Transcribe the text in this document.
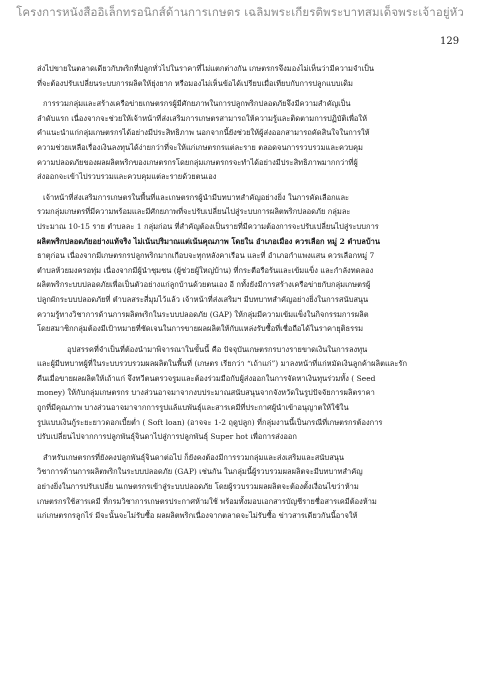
โครงการหนังสืออิเล็กทรอนิกส์ด้านการเกษตร เฉลิมพระเกียรติพระบาทสมเด็จพระเจ้าอยู่หัว
129
ส่งไปขายในตลาดเดียวกับพริกที่ปลูกทั่วไปในราคาที่ไม่แตกต่างกัน เกษตรกรจึงมองไม่เห็นว่ามีความจำเป็น
ที่จะต้องปรับเปลี่ยนระบบการผลิตให้ยุ่งยาก หรือมองไม่เห็นข้อได้เปรียบเมื่อเทียบกับการปลูกแบบเดิม
การรวมกลุ่มและสร้างเครือข่ายเกษตรกรผู้มีศักยภาพในการปลูกพริกปลอดภัยจึงมีความสำคัญเป็น
ลำดับแรก เนื่องจากจะช่วยให้เจ้าหน้าที่ส่งเสริมการเกษตรสามารถให้ความรู้และติดตามการปฏิบัติเพื่อให้
คำแนะนำแก่กลุ่มเกษตรกรได้อย่างมีประสิทธิภาพ นอกจากนี้ยังช่วยให้ผู้ส่งออกสามารถคัดสินใจในการให้
ความช่วยเหลือเรื่องเงินลงทุนได้ง่ายกว่าที่จะให้แก่เกษตรกรแต่ละราย ตลอดจนการรวบรวมและควบคุม
ความปลอดภัยของผลผลิตพริกของเกษตรกรโดยกลุ่มเกษตรกรจะทำได้อย่างมีประสิทธิภาพมากกว่าที่ผู้
ส่งออกจะเข้าไปรวบรวมและควบคุมแต่ละรายด้วยตนเอง
เจ้าหน้าที่ส่งเสริมการเกษตรในพื้นที่และเกษตรกรผู้นำมีบทบาทสำคัญอย่างยิ่ง ในการคัดเลือกและ
รวมกลุ่มเกษตรที่มีความพร้อมและมีศักยภาพที่จะปรับเปลี่ยนไปสู่ระบบการผลิตพริกปลอดภัย กลุ่มละ
ประมาณ 10-15 ราย ตำบลละ 1 กลุ่มก่อน ที่สำคัญต้องเป็นรายที่มีความต้องการจะปรับเปลี่ยนไปสู่ระบบการ
ผลิตพริกปลอดภัยอย่างแท้จริง ไม่เน้นปริมาณแต่เน้นคุณภาพ โดยใน อำเภอเมือง ควรเลือก หมู่ 2 ตำบลบ้าน
ธาตุก่อน เนื่องจากมีเกษตรกรปลูกพริกมากเกือบจะทุกหลังคาเรือน และที่ อำเภอกำแพงแสน ควรเลือกหมู่ 7
ตำบลห้วยมงครอทุ่ม เนื่องจากมีผู้นำชุมชน (ผู้ช่วยผู้ใหญ่บ้าน) ที่กระตือรือร้นและเข้มแข็ง และกำลังทดลอง
ผลิตพริกระบบปลอดภัยเพื่อเป็นตัวอย่างแก่ลูกบ้านด้วยตนเอง อี กทั้งยังมีการสร้างเครือข่ายกับกลุ่มเกษตรผู้
ปลูกผักระบบปลอดภัยที่ ตำบลสระสี่มุมไว้แล้ว เจ้าหน้าที่ส่งเสริมฯ มีบทบาทสำคัญอย่างยิ่งในการสนับสนุน
ความรู้ทางวิชาการด้านการผลิตพริกในระบบปลอดภัย (GAP) ให้กลุ่มมีความเข้มแข็งในกิจกรรมการผลิต
โดยสมาชิกกลุ่มต้องมีเป้าหมายที่ชัดเจนในการขายผลผลิตให้กับแหล่งรับซื้อที่เชื่อถือได้ในราคายุติธรรม
อุปสรรคที่จำเป็นที่ต้องนำมาพิจารณาในขั้นนี้ คือ ปัจจุบันเกษตรกรบางรายขาดเงินในการลงทุน
และผู้มีบทบาทผู้ที่ในระบบรวบรวมผลผลิตในพื้นที่ (เกษตร เรียกว่า “เถ้าแก่”) มาลงหน้าที่แก่หมัดเงินลูกค้าผลิตและรัก
คืนเมื่อขายผลผลิตให้เถ้าแก่ จึงทวีตนตรวจรูมและต้องร่วมมือกับผู้ส่งออกในการจัดหาเงินทุนร่วมทั้ง ( Seed
money) ให้กับกลุ่มเกษตรกร บางส่วนอาจมาจากงบประมาณสนับสนุนจากจังหวัดในรูปปัจจัยการผลิตราคา
ถูกที่มีคุณภาพ บางส่วนอาจมาจากการรูปแล้แบพันธุ์และสารเคมีที่ประกาศผู้นำเข้าอนุญาตให้ใช้ใน
รูปแบบเงินกู้ระยะยาวดอกเบี้ยต่ำ ( Soft loan) (อาจจะ 1-2 ฤดูปลูก) ที่กลุ่มงานนี้เป็นกรณีที่เกษตรกรต้องการ
ปรับเปลี่ยนไปจากการปลูกพันธุ์จินดาไปสู่การปลูกพันธุ์ Super hot เพื่อการส่งออก
สำหรับเกษตรกรที่ยังคงปลูกพันธุ์จินดาต่อไป ก็ยังคงต้องมีการรวมกลุ่มและส่งเสริมและสนับสนุน
วิชาการด้านการผลิตพริกในระบบปลอดภัย (GAP) เช่นกัน ในกลุ่มนี้ผู้รวบรวมผลผลิตจะมีบทบาทสำคัญ
อย่างยิ่งในการปรับเปลี่ย นเกษตรกรเข้าสู่ระบบปลอดภัย โดยผู้รวบรวมผลผลิตจะต้องตั้งเงื่อนไขว่าห้าม
เกษตรกรใช้สารเคมี ที่กรมวิชาการเกษตรประกาศห้ามใช้ พร้อมทั้งมอบเอกสารบัญชีรายชื่อสารเคมีต้องห้าม
แก่เกษตรกรลูกไร่ มีจะนั้นจะไม่รับซื้อ ผลผลิตพริกเนื่องจากตลาดจะไม่รับซื้อ ข่าวสารเดียวกันนี้อาจให้
